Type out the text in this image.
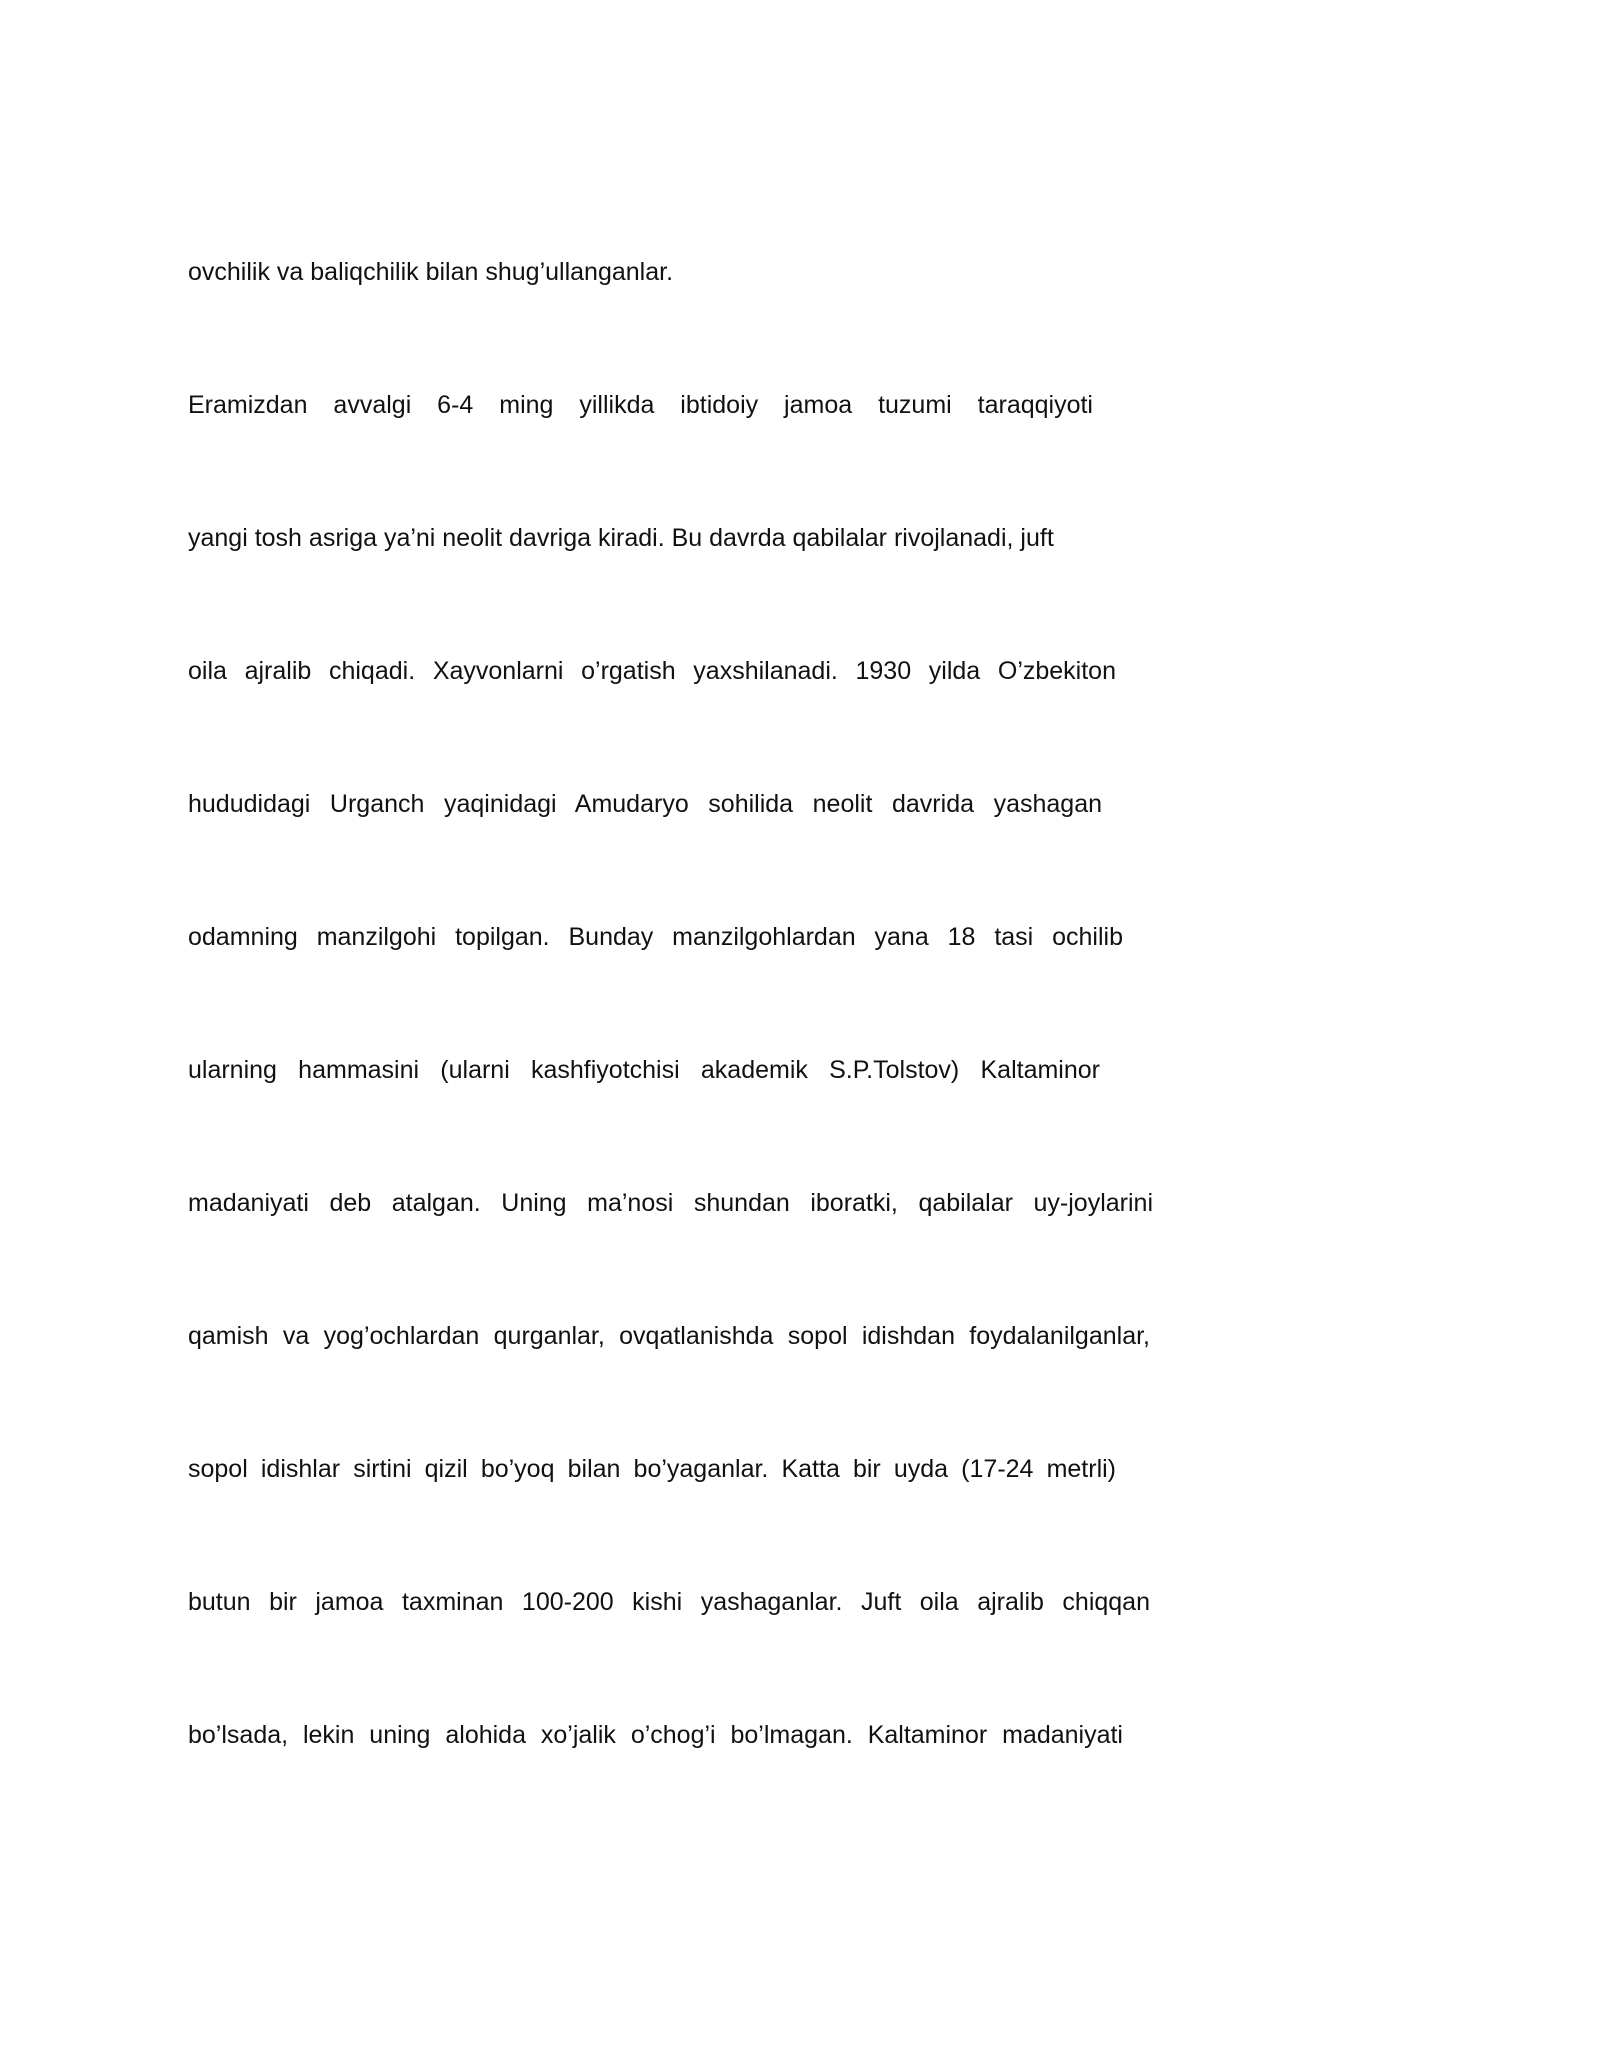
ovchilik va baliqchilik bilan shug’ullanganlar.
Eramizdan avvalgi 6-4 ming yillikda ibtidoiy jamoa tuzumi taraqqiyoti
yangi tosh asriga ya’ni neolit davriga kiradi. Bu davrda qabilalar rivojlanadi, juft
oila ajralib chiqadi. Xayvonlarni o’rgatish yaxshilanadi. 1930 yilda O’zbekiton
hududidagi Urganch yaqinidagi Amudaryo sohilida neolit davrida yashagan
odamning manzilgohi topilgan. Bunday manzilgohlardan yana 18 tasi ochilib
ularning hammasini (ularni kashfiyotchisi akademik S.P.Tolstov) Kaltaminor
madaniyati deb atalgan. Uning ma’nosi shundan iboratki, qabilalar uy-joylarini
qamish va yog’ochlardan qurganlar, ovqatlanishda sopol idishdan foydalanilganlar,
sopol idishlar sirtini qizil bo’yoq bilan bo’yaganlar. Katta bir uyda (17-24 metrli)
butun bir jamoa taxminan 100-200 kishi yashaganlar. Juft oila ajralib chiqqan
bo’lsada, lekin uning alohida xo’jalik o’chog’i bo’lmagan. Kaltaminor madaniyati
